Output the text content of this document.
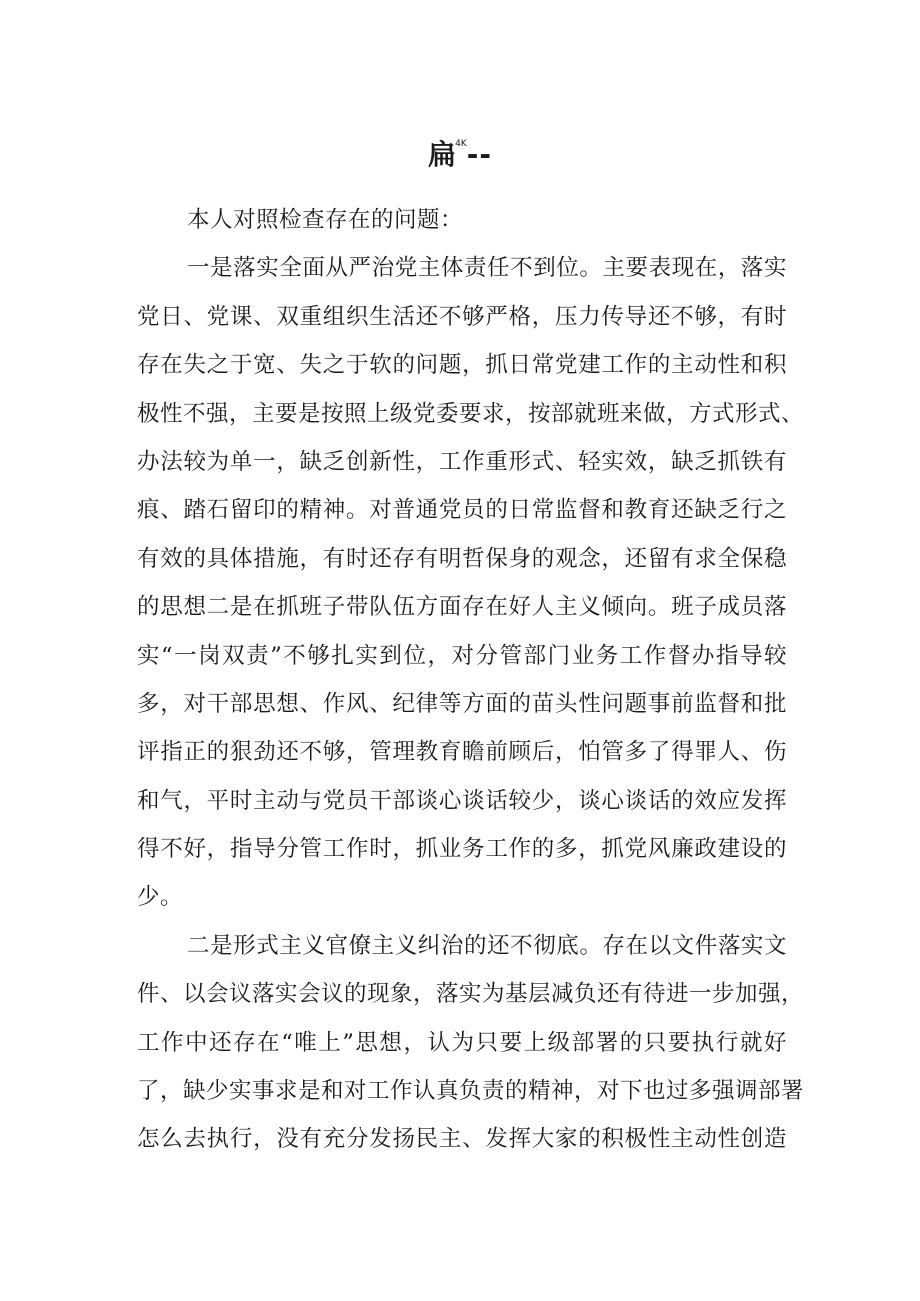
扁$^{4K}$--
本人对照检查存在的问题：
一是落实全面从严治党主体责任不到位。主要表现在，落实
党日、党课、双重组织生活还不够严格，压力传导还不够，有时
存在失之于宽、失之于软的问题，抓日常党建工作的主动性和积
极性不强，主要是按照上级党委要求，按部就班来做，方式形式、
办法较为单一，缺乏创新性，工作重形式、轻实效，缺乏抓铁有
痕、踏石留印的精神。对普通党员的日常监督和教育还缺乏行之
有效的具体措施，有时还存有明哲保身的观念，还留有求全保稳
的思想二是在抓班子带队伍方面存在好人主义倾向。班子成员落
实“一岗双责”不够扎实到位，对分管部门业务工作督办指导较
多，对干部思想、作风、纪律等方面的苗头性问题事前监督和批
评指正的狠劲还不够，管理教育瞻前顾后，怕管多了得罪人、伤
和气，平时主动与党员干部谈心谈话较少，谈心谈话的效应发挥
得不好，指导分管工作时，抓业务工作的多，抓党风廉政建设的
少。
二是形式主义官僚主义纠治的还不彻底。存在以文件落实文
件、以会议落实会议的现象，落实为基层减负还有待进一步加强，
工作中还存在“唯上”思想，认为只要上级部署的只要执行就好
了，缺少实事求是和对工作认真负责的精神，对下也过多强调部署
怎么去执行，没有充分发扬民主、发挥大家的积极性主动性创造
